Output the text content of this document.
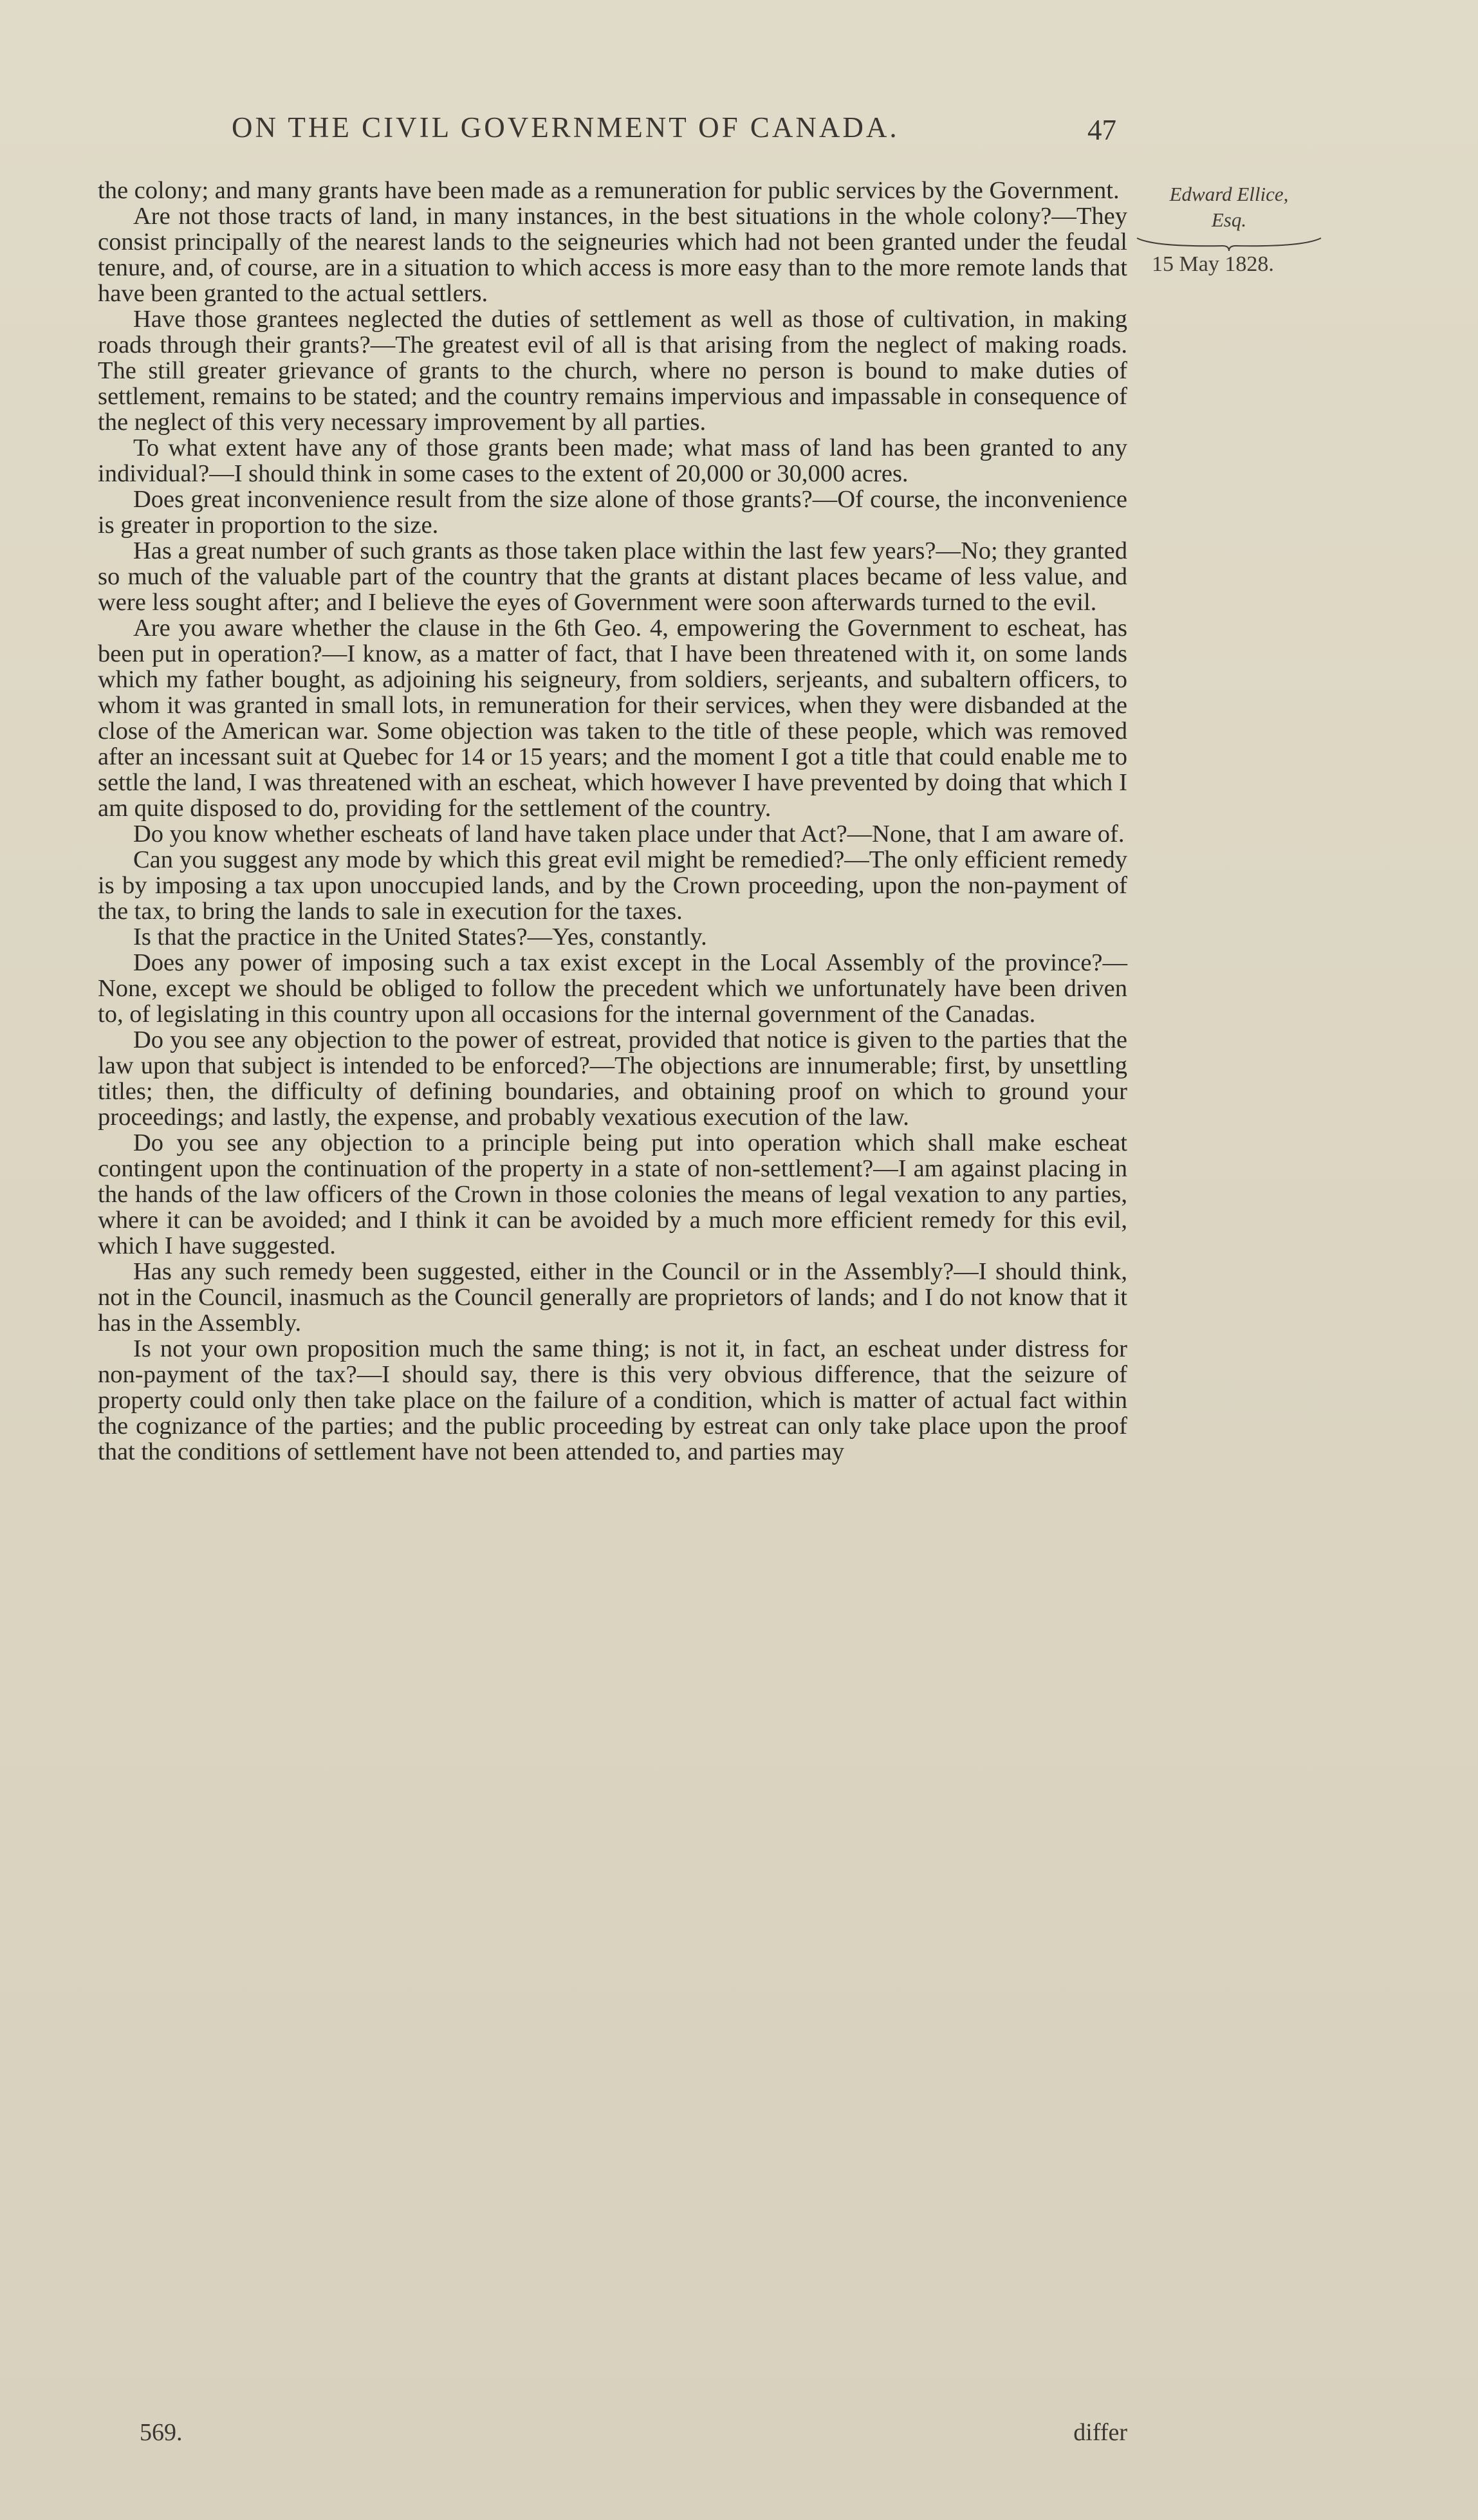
ON THE CIVIL GOVERNMENT OF CANADA.	47
Edward Ellice,
Esq.
15 May 1828.

the colony; and many grants have been made as a remuneration for public services by the Government.

Are not those tracts of land, in many instances, in the best situations in the whole colony?—They consist principally of the nearest lands to the seigneuries which had not been granted under the feudal tenure, and, of course, are in a situation to which access is more easy than to the more remote lands that have been granted to the actual settlers.

Have those grantees neglected the duties of settlement as well as those of cultivation, in making roads through their grants?—The greatest evil of all is that arising from the neglect of making roads. The still greater grievance of grants to the church, where no person is bound to make duties of settlement, remains to be stated; and the country remains impervious and impassable in consequence of the neglect of this very necessary improvement by all parties.

To what extent have any of those grants been made; what mass of land has been granted to any individual?—I should think in some cases to the extent of 20,000 or 30,000 acres.

Does great inconvenience result from the size alone of those grants?—Of course, the inconvenience is greater in proportion to the size.

Has a great number of such grants as those taken place within the last few years?—No; they granted so much of the valuable part of the country that the grants at distant places became of less value, and were less sought after; and I believe the eyes of Government were soon afterwards turned to the evil.

Are you aware whether the clause in the 6th Geo. 4, empowering the Government to escheat, has been put in operation?—I know, as a matter of fact, that I have been threatened with it, on some lands which my father bought, as adjoining his seigneury, from soldiers, serjeants, and subaltern officers, to whom it was granted in small lots, in remuneration for their services, when they were disbanded at the close of the American war. Some objection was taken to the title of these people, which was removed after an incessant suit at Quebec for 14 or 15 years; and the moment I got a title that could enable me to settle the land, I was threatened with an escheat, which however I have prevented by doing that which I am quite disposed to do, providing for the settlement of the country.

Do you know whether escheats of land have taken place under that Act?—None, that I am aware of.

Can you suggest any mode by which this great evil might be remedied?—The only efficient remedy is by imposing a tax upon unoccupied lands, and by the Crown proceeding, upon the non-payment of the tax, to bring the lands to sale in execution for the taxes.

Is that the practice in the United States?—Yes, constantly.

Does any power of imposing such a tax exist except in the Local Assembly of the province?—None, except we should be obliged to follow the precedent which we unfortunately have been driven to, of legislating in this country upon all occasions for the internal government of the Canadas.

Do you see any objection to the power of estreat, provided that notice is given to the parties that the law upon that subject is intended to be enforced?—The objections are innumerable; first, by unsettling titles; then, the difficulty of defining boundaries, and obtaining proof on which to ground your proceedings; and lastly, the expense, and probably vexatious execution of the law.

Do you see any objection to a principle being put into operation which shall make escheat contingent upon the continuation of the property in a state of non-settlement?—I am against placing in the hands of the law officers of the Crown in those colonies the means of legal vexation to any parties, where it can be avoided; and I think it can be avoided by a much more efficient remedy for this evil, which I have suggested.

Has any such remedy been suggested, either in the Council or in the Assembly?—I should think, not in the Council, inasmuch as the Council generally are proprietors of lands; and I do not know that it has in the Assembly.

Is not your own proposition much the same thing; is not it, in fact, an escheat under distress for non-payment of the tax?—I should say, there is this very obvious difference, that the seizure of property could only then take place on the failure of a condition, which is matter of actual fact within the cognizance of the parties; and the public proceeding by estreat can only take place upon the proof that the conditions of settlement have not been attended to, and parties may

569.	differ
